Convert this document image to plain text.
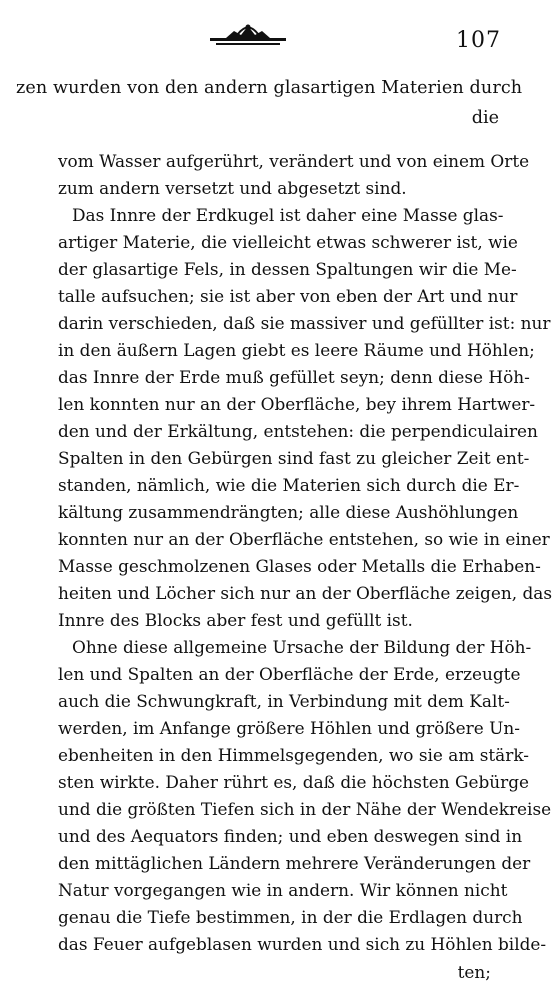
107
zen wurden von den andern glasartigen Materien durch
die
vom Wasser aufgerührt, verändert und von einem Orte
zum andern versetzt und abgesetzt sind.
Das Innre der Erdkugel ist daher eine Masse glas-
artiger Materie, die vielleicht etwas schwerer ist, wie
der glasartige Fels, in dessen Spaltungen wir die Me-
talle aufsuchen; sie ist aber von eben der Art und nur
darin verschieden, daß sie massiver und gefüllter ist: nur
in den äußern Lagen giebt es leere Räume und Höhlen;
das Innre der Erde muß gefüllet seyn; denn diese Höh-
len konnten nur an der Oberfläche, bey ihrem Hartwer-
den und der Erkältung, entstehen: die perpendiculairen
Spalten in den Gebürgen sind fast zu gleicher Zeit ent-
standen, nämlich, wie die Materien sich durch die Er-
kältung zusammendrängten; alle diese Aushöhlungen
konnten nur an der Oberfläche entstehen, so wie in einer
Masse geschmolzenen Glases oder Metalls die Erhaben-
heiten und Löcher sich nur an der Oberfläche zeigen, das
Innre des Blocks aber fest und gefüllt ist.
Ohne diese allgemeine Ursache der Bildung der Höh-
len und Spalten an der Oberfläche der Erde, erzeugte
auch die Schwungkraft, in Verbindung mit dem Kalt-
werden, im Anfange größere Höhlen und größere Un-
ebenheiten in den Himmelsgegenden, wo sie am stärk-
sten wirkte. Daher rührt es, daß die höchsten Gebürge
und die größten Tiefen sich in der Nähe der Wendekreise
und des Aequators finden; und eben deswegen sind in
den mittäglichen Ländern mehrere Veränderungen der
Natur vorgegangen wie in andern. Wir können nicht
genau die Tiefe bestimmen, in der die Erdlagen durch
das Feuer aufgeblasen wurden und sich zu Höhlen bilde-
ten;
